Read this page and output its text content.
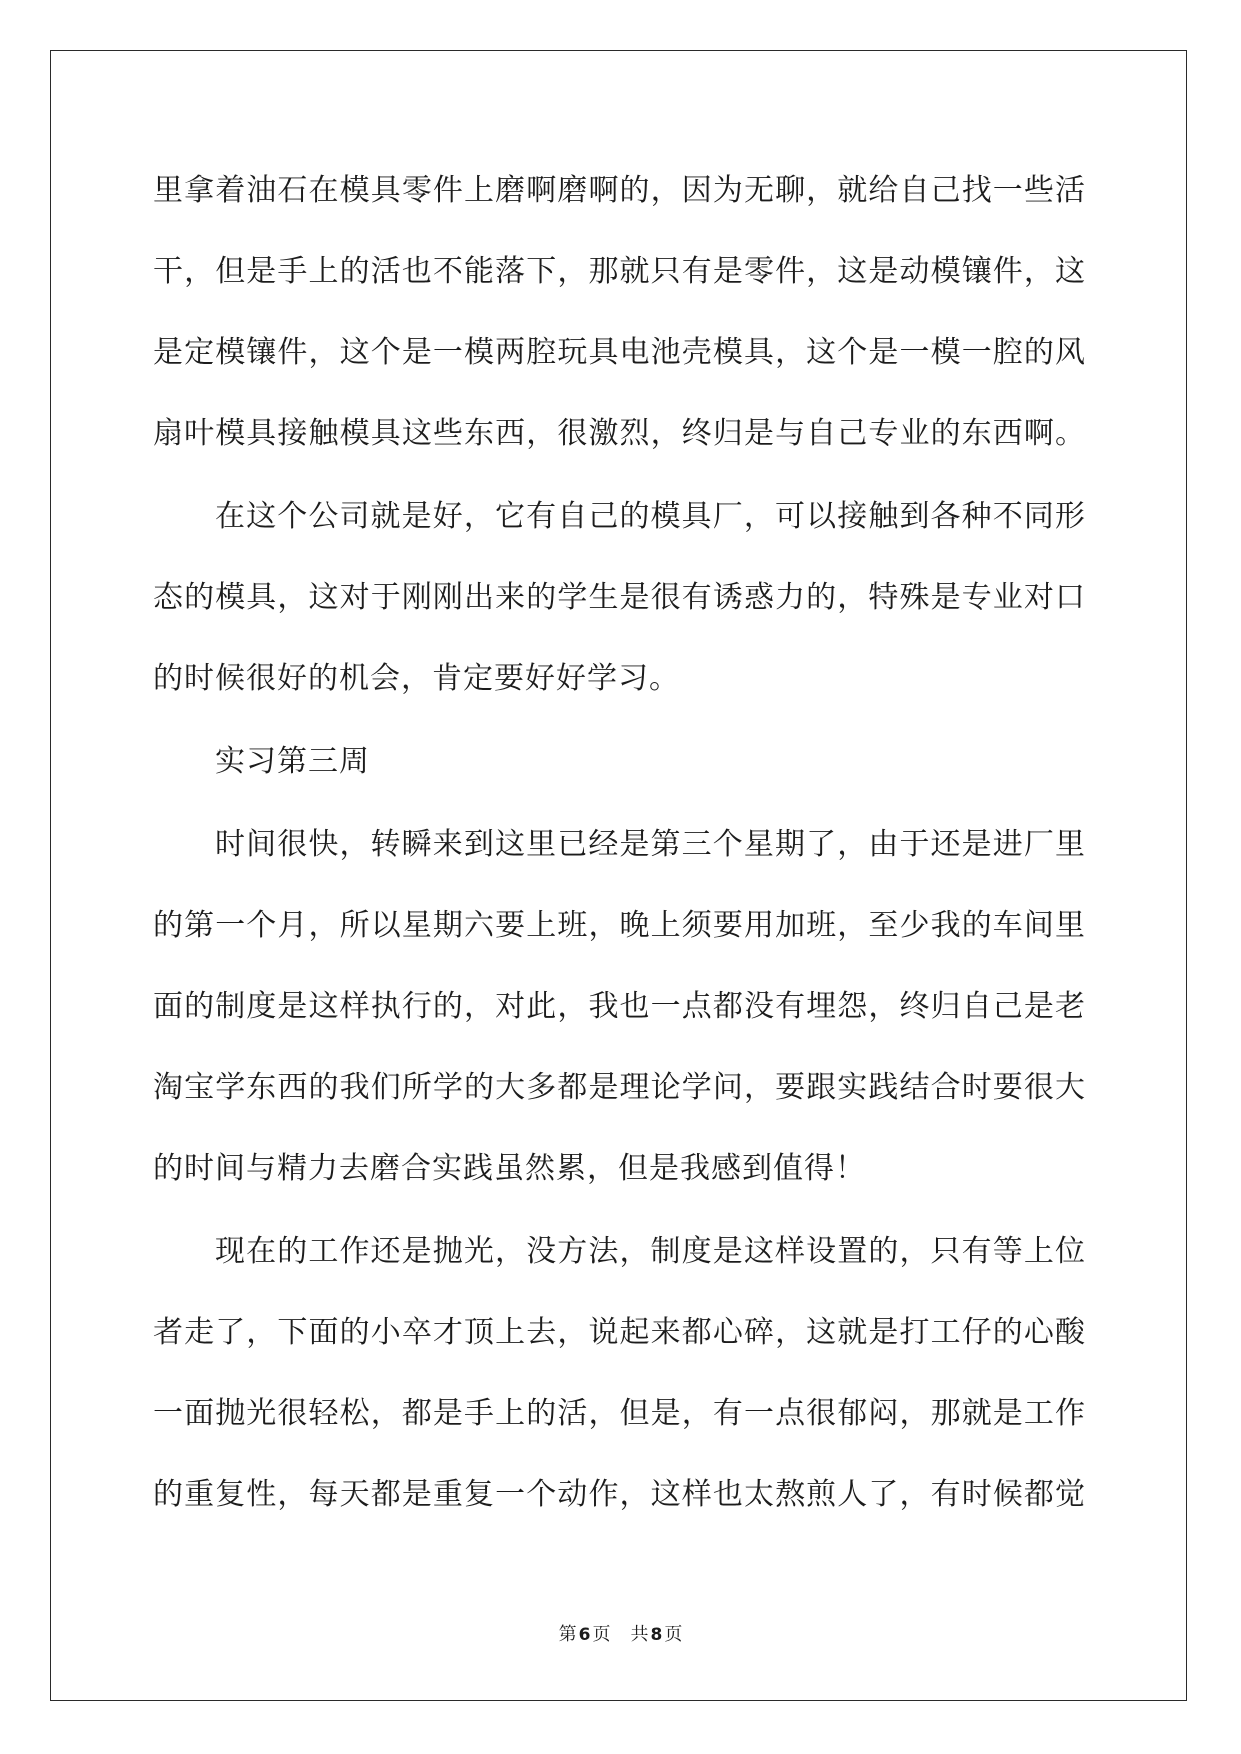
里拿着油石在模具零件上磨啊磨啊的，因为无聊，就给自己找一些活
干，但是手上的活也不能落下，那就只有是零件，这是动模镶件，这
是定模镶件，这个是一模两腔玩具电池壳模具，这个是一模一腔的风
扇叶模具接触模具这些东西，很激烈，终归是与自己专业的东西啊。
在这个公司就是好，它有自己的模具厂，可以接触到各种不同形
态的模具，这对于刚刚出来的学生是很有诱惑力的，特殊是专业对口
的时候很好的机会，肯定要好好学习。
实习第三周
时间很快，转瞬来到这里已经是第三个星期了，由于还是进厂里
的第一个月，所以星期六要上班，晚上须要用加班，至少我的车间里
面的制度是这样执行的，对此，我也一点都没有埋怨，终归自己是老
淘宝学东西的我们所学的大多都是理论学问，要跟实践结合时要很大
的时间与精力去磨合实践虽然累，但是我感到值得！
现在的工作还是抛光，没方法，制度是这样设置的，只有等上位
者走了，下面的小卒才顶上去，说起来都心碎，这就是打工仔的心酸
一面抛光很轻松，都是手上的活，但是，有一点很郁闷，那就是工作
的重复性，每天都是重复一个动作，这样也太熬煎人了，有时候都觉
第 6 页 共 8 页
